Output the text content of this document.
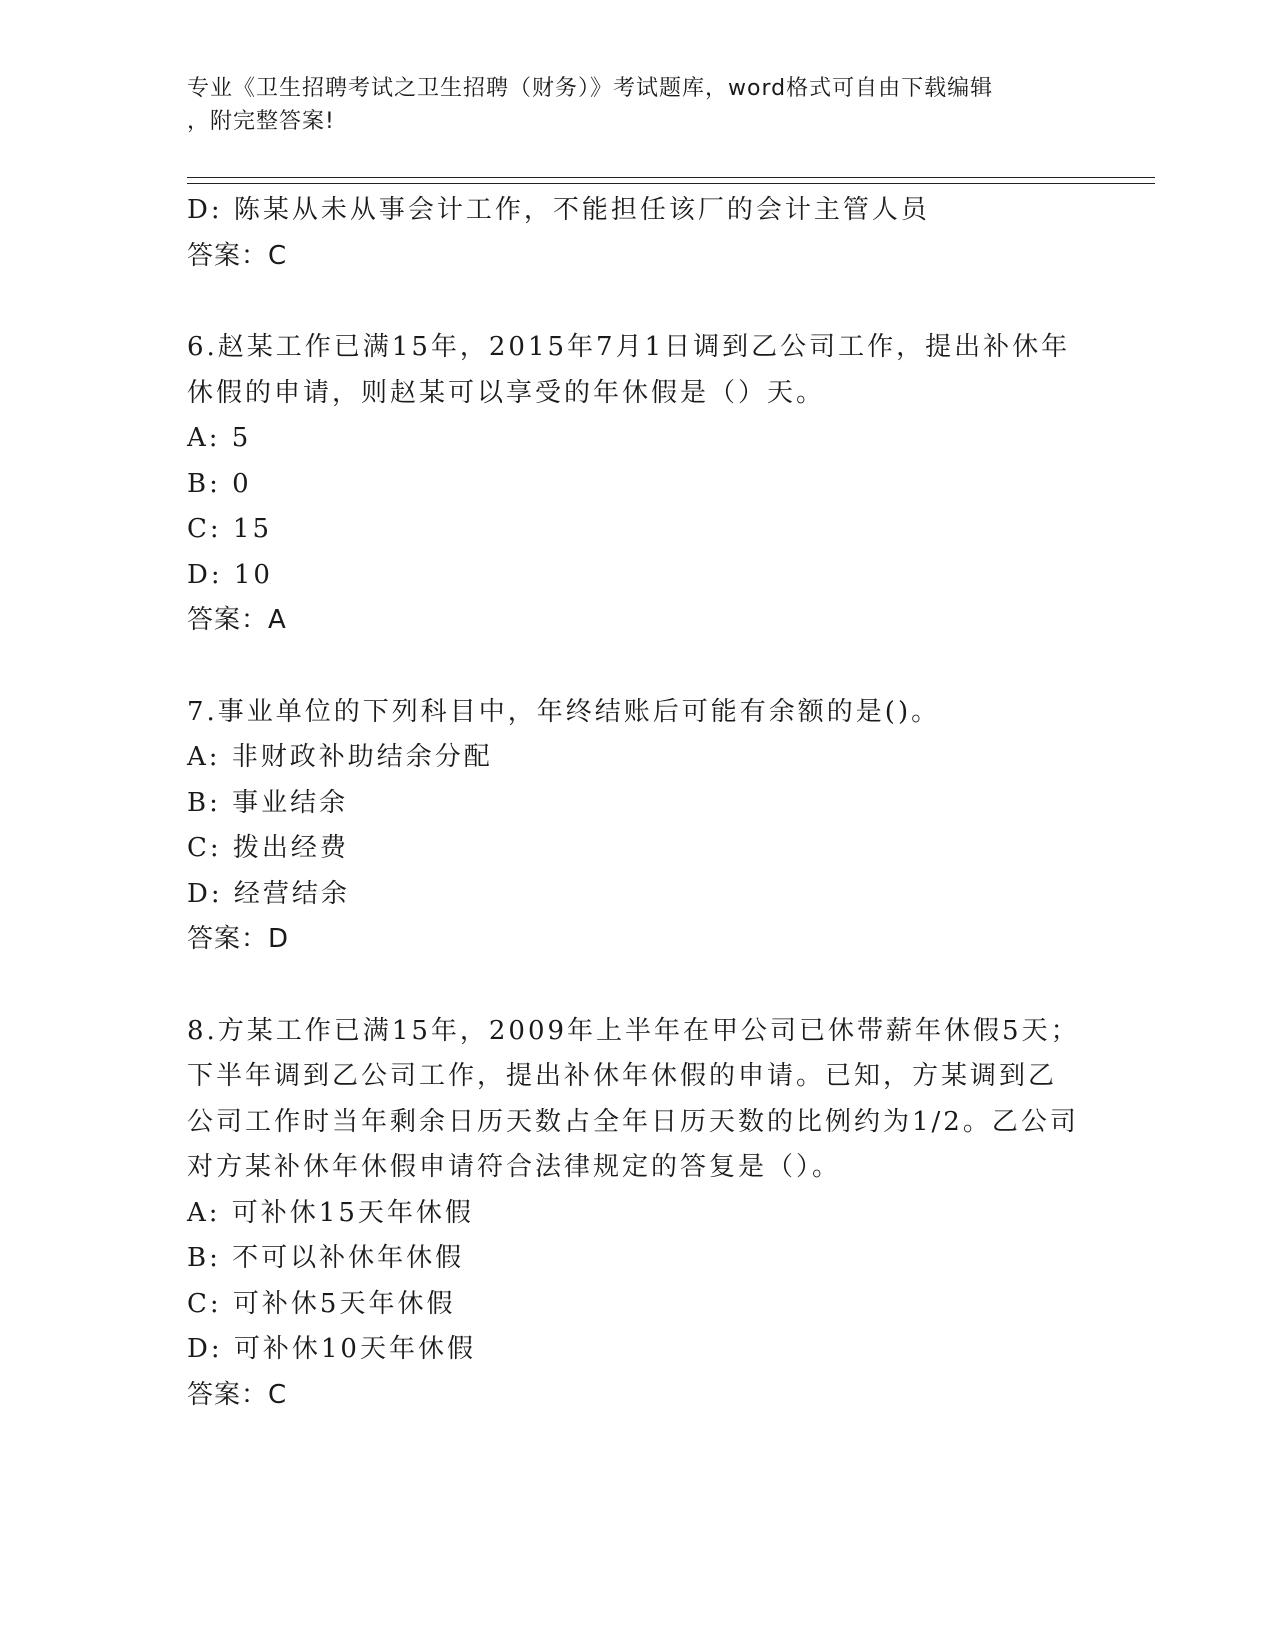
专业《卫生招聘考试之卫生招聘（财务）》考试题库，word格式可自由下载编辑
，附完整答案!
D: 陈某从未从事会计工作，不能担任该厂的会计主管人员
答案：C
6.赵某工作已满15年，2015年7月1日调到乙公司工作，提出补休年
休假的申请，则赵某可以享受的年休假是（）天。
A: 5
B: 0
C: 15
D: 10
答案：A
7.事业单位的下列科目中，年终结账后可能有余额的是()。
A: 非财政补助结余分配
B: 事业结余
C: 拨出经费
D: 经营结余
答案：D
8.方某工作已满15年，2009年上半年在甲公司已休带薪年休假5天；
下半年调到乙公司工作，提出补休年休假的申请。已知，方某调到乙
公司工作时当年剩余日历天数占全年日历天数的比例约为1/2。乙公司
对方某补休年休假申请符合法律规定的答复是（）。
A: 可补休15天年休假
B: 不可以补休年休假
C: 可补休5天年休假
D: 可补休10天年休假
答案：C
